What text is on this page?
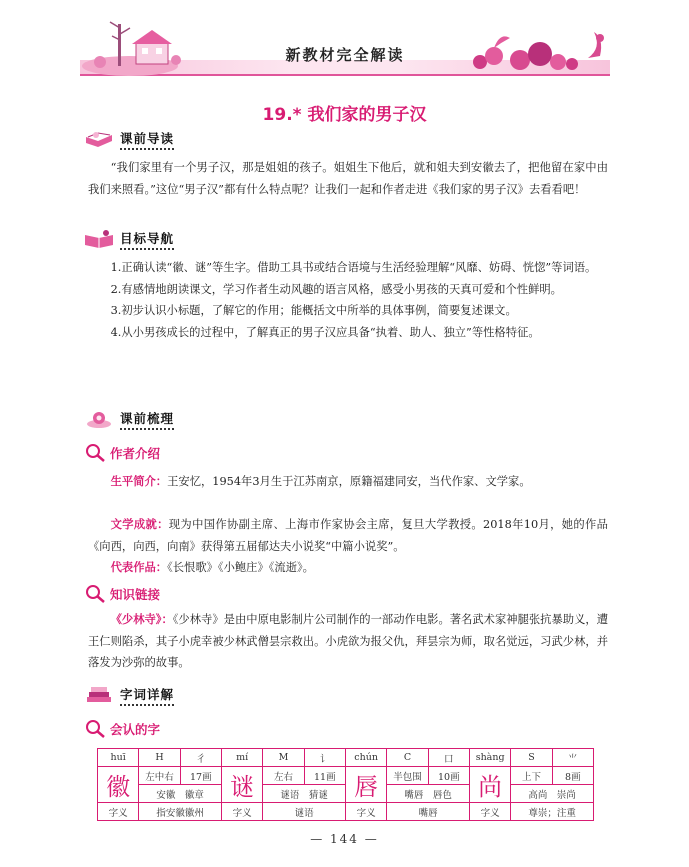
新教材完全解读
19.* 我们家的男子汉
课前导读
“我们家里有一个男子汉，那是姐姐的孩子。姐姐生下他后，就和姐夫到安徽去了，把他留在家中由我们来照看。”这位“男子汉”都有什么特点呢？让我们一起和作者走进《我们家的男子汉》去看看吧！
目标导航
1.正确认读“徽、谜”等生字。借助工具书或结合语境与生活经验理解“风靡、妨碍、恍惚”等词语。
2.有感情地朗读课文，学习作者生动风趣的语言风格，感受小男孩的天真可爱和个性鲜明。
3.初步认识小标题，了解它的作用；能概括文中所举的具体事例，简要复述课文。
4.从小男孩成长的过程中，了解真正的男子汉应具备“执着、助人、独立”等性格特征。
课前梳理
作者介绍
生平简介：王安忆，1954年3月生于江苏南京，原籍福建同安，当代作家、文学家。
文学成就：现为中国作协副主席、上海市作家协会主席，复旦大学教授。2018年10月，她的作品《向西，向西，向南》获得第五届郁达夫小说奖“中篇小说奖”。
代表作品：《长恨歌》《小鲍庄》《流逝》。
知识链接
《少林寺》：《少林寺》是由中原电影制片公司制作的一部动作电影。著名武术家神腿张抗暴助义，遭王仁则陷杀，其子小虎幸被少林武僧昙宗救出。小虎欲为报父仇，拜昙宗为师，取名觉远，习武少林，并落发为沙弥的故事。
字词详解
会认的字
huī	H	彳	mí	M	讠	chún	C	口	shàng	S	⺌
徽	左中右	17画	谜	左右	11画	唇	半包围	10画	尚	上下	8画
	安徽　徽章			谜语　猜谜			嘴唇　唇色			高尚　崇尚	
字义	指安徽徽州		字义	谜语		字义	嘴唇		字义	尊崇；注重	
— 144 —
